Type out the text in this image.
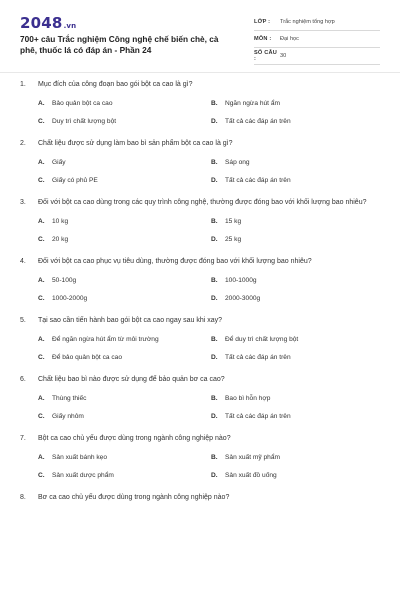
2048.vn
700+ câu Trắc nghiệm Công nghệ chế biến chè, cà phê, thuốc lá có đáp án - Phần 24
LỚP :	Trắc nghiệm tổng hợp
MÔN :	Đại học
SỐ CÂU :	30
1.	Mục đích của công đoạn bao gói bột ca cao là gì?
A.	Bảo quản bột ca cao	B.	Ngăn ngừa hút ẩm
C.	Duy trì chất lượng bột	D.	Tất cả các đáp án trên
2.	Chất liệu được sử dụng làm bao bì sản phẩm bột ca cao là gì?
A.	Giấy	B.	Sáp ong
C.	Giấy có phủ PE	D.	Tất cả các đáp án trên
3.	Đối với bột ca cao dùng trong các quy trình công nghệ, thường được đóng bao với khối lượng bao nhiêu?
A.	10 kg	B.	15 kg
C.	20 kg	D.	25 kg
4.	Đối với bột ca cao phục vụ tiêu dùng, thường được đóng bao với khối lượng bao nhiêu?
A.	50-100g	B.	100-1000g
C.	1000-2000g	D.	2000-3000g
5.	Tại sao cần tiến hành bao gói bột ca cao ngay sau khi xay?
A.	Để ngăn ngừa hút ẩm từ môi trường	B.	Để duy trì chất lượng bột
C.	Để bảo quản bột ca cao	D.	Tất cả các đáp án trên
6.	Chất liệu bao bì nào được sử dụng để bảo quản bơ ca cao?
A.	Thùng thiếc	B.	Bao bì hỗn hợp
C.	Giấy nhôm	D.	Tất cả các đáp án trên
7.	Bột ca cao chủ yếu được dùng trong ngành công nghiệp nào?
A.	Sản xuất bánh kẹo	B.	Sản xuất mỹ phẩm
C.	Sản xuất dược phẩm	D.	Sản xuất đồ uống
8.	Bơ ca cao chủ yếu được dùng trong ngành công nghiệp nào?
